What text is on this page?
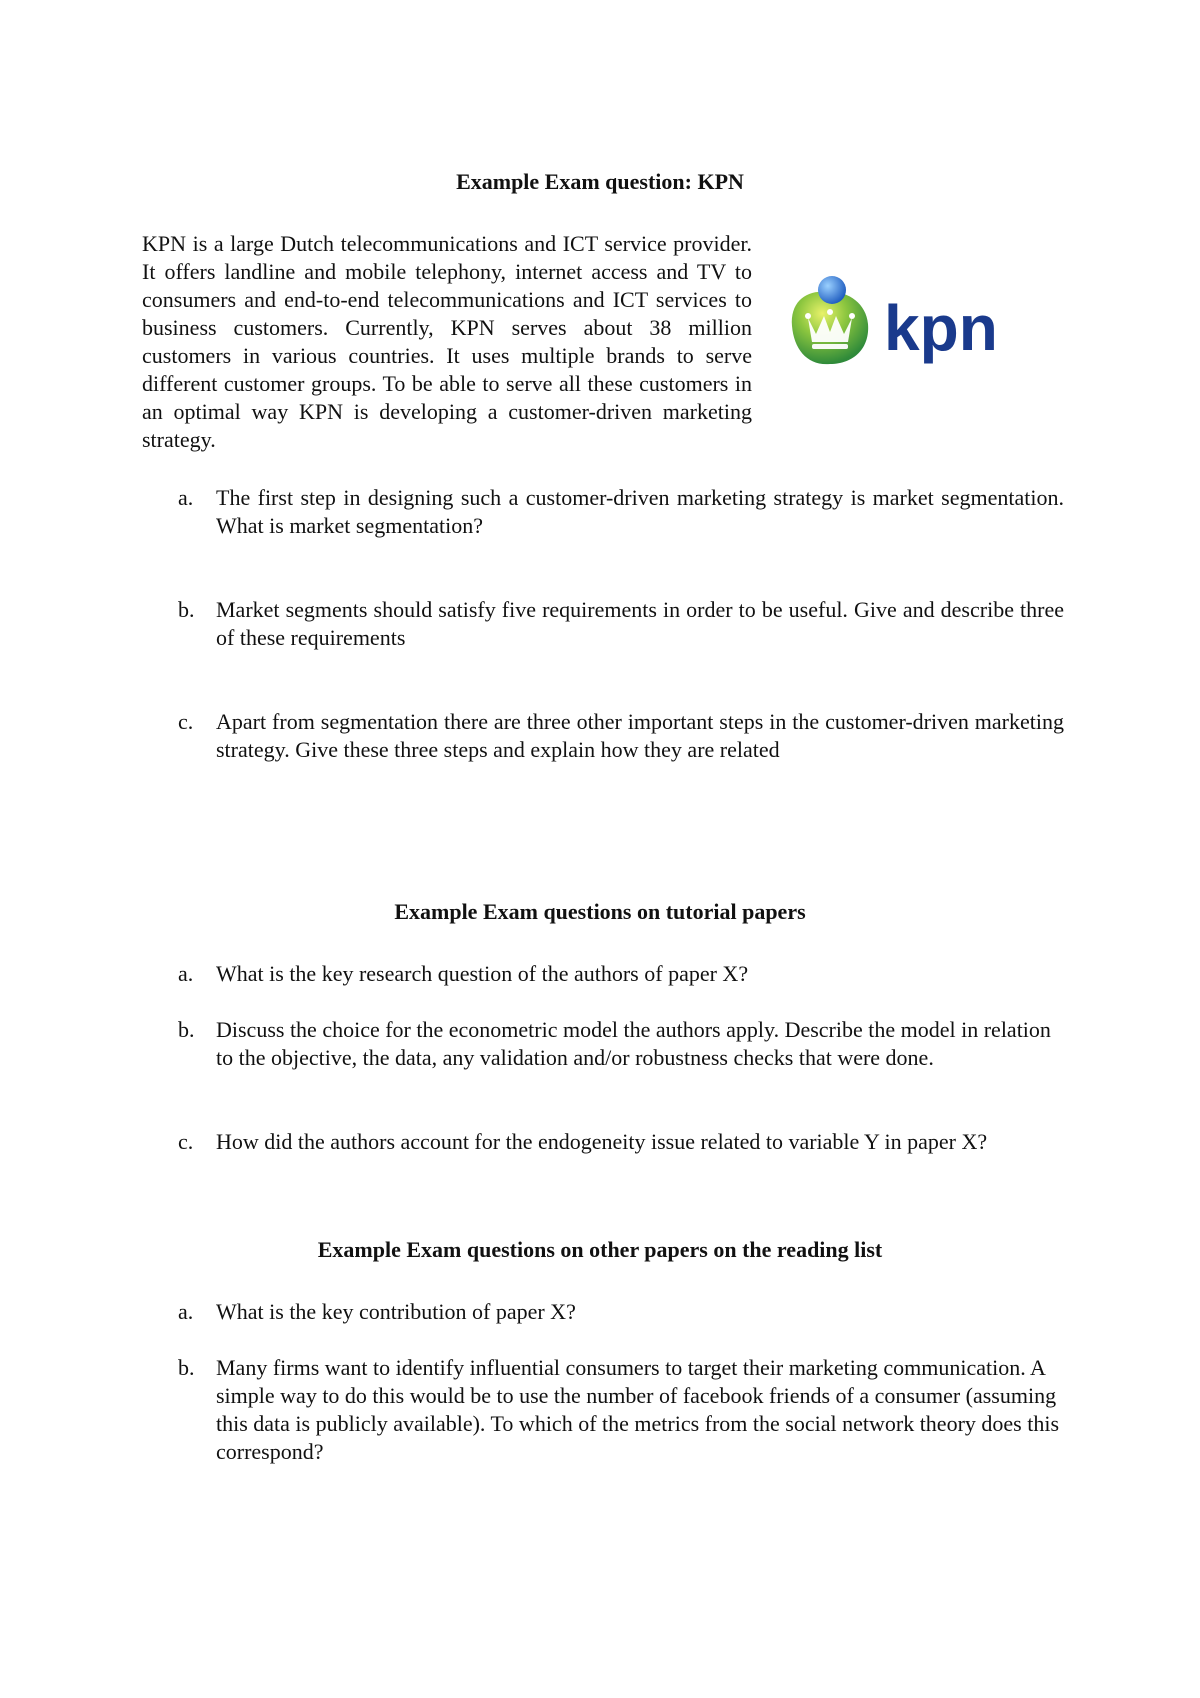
Example Exam question: KPN

KPN is a large Dutch telecommunications and ICT service provider. It offers landline and mobile telephony, internet access and TV to consumers and end-to-end telecommunications and ICT services to business customers. Currently, KPN serves about 38 million customers in various countries. It uses multiple brands to serve different customer groups. To be able to serve all these customers in an optimal way KPN is developing a customer-driven marketing strategy.

kpn
a. The first step in designing such a customer-driven marketing strategy is market segmentation. What is market segmentation?

b. Market segments should satisfy five requirements in order to be useful. Give and describe three of these requirements

c. Apart from segmentation there are three other important steps in the customer-driven marketing strategy. Give these three steps and explain how they are related

Example Exam questions on tutorial papers
a. What is the key research question of the authors of paper X?

b. Discuss the choice for the econometric model the authors apply. Describe the model in relation to the objective, the data, any validation and/or robustness checks that were done.

c. How did the authors account for the endogeneity issue related to variable Y in paper X?

Example Exam questions on other papers on the reading list
a. What is the key contribution of paper X?

b. Many firms want to identify influential consumers to target their marketing communication. A simple way to do this would be to use the number of facebook friends of a consumer (assuming this data is publicly available). To which of the metrics from the social network theory does this correspond?
